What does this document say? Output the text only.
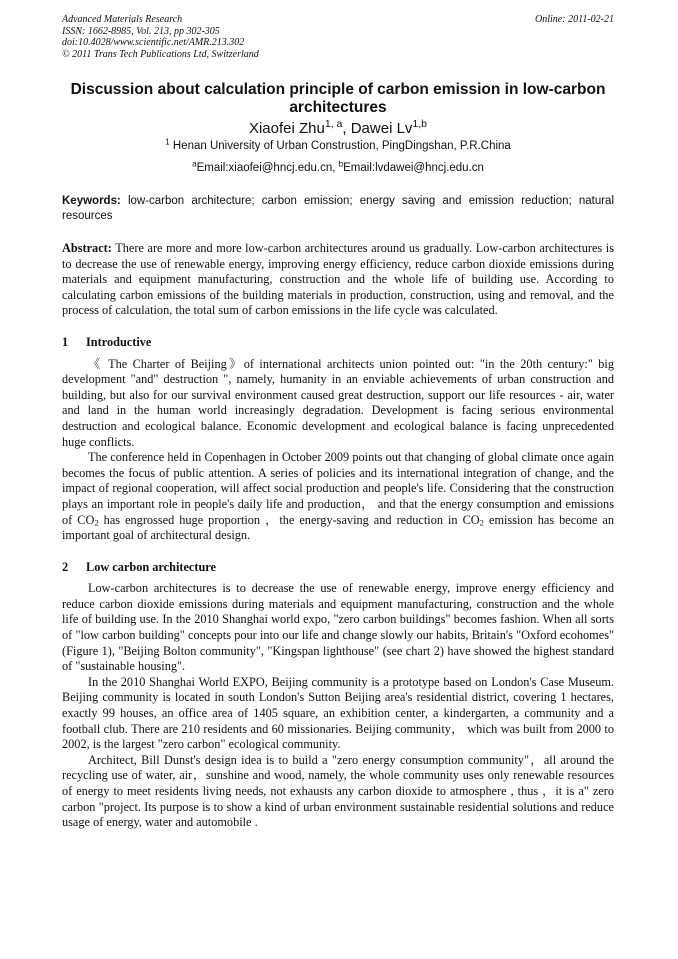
Advanced Materials Research
ISSN: 1662-8985, Vol. 213, pp 302-305
doi:10.4028/www.scientific.net/AMR.213.302
© 2011 Trans Tech Publications Ltd, Switzerland
Online: 2011-02-21
Discussion about calculation principle of carbon emission in low-carbon architectures
Xiaofei Zhu$^{1, a}$, Dawei Lv$^{1,b}$
$^1$ Henan University of Urban Construstion, PingDingshan, P.R.China
$^a$Email:xiaofei@hncj.edu.cn, $^b$Email:lvdawei@hncj.edu.cn
Keywords: low-carbon architecture; carbon emission; energy saving and emission reduction; natural resources
Abstract: There are more and more low-carbon architectures around us gradually. Low-carbon architectures is to decrease the use of renewable energy, improving energy efficiency, reduce carbon dioxide emissions during materials and equipment manufacturing, construction and the whole life of building use. According to calculating carbon emissions of the building materials in production, construction, using and removal, and the process of calculation, the total sum of carbon emissions in the life cycle was calculated.
1 Introductive

《 The Charter of Beijing》of international architects union pointed out: "in the 20th century:" big development "and" destruction ", namely, humanity in an enviable achievements of urban construction and building, but also for our survival environment caused great destruction, support our life resources - air, water and land in the human world increasingly degradation. Development is facing serious environmental destruction and ecological balance. Economic development and ecological balance is facing unprecedented huge conflicts.

The conference held in Copenhagen in October 2009 points out that changing of global climate once again becomes the focus of public attention. A series of policies and its international integration of change, and the impact of regional cooperation, will affect social production and people's life. Considering that the construction plays an important role in people's daily life and production， and that the energy consumption and emissions of $CO_2$ has engrossed huge proportion ，the energy-saving and reduction in $CO_2$ emission has become an important goal of architectural design.

2 Low carbon architecture

Low-carbon architectures is to decrease the use of renewable energy, improve energy efficiency and reduce carbon dioxide emissions during materials and equipment manufacturing, construction and the whole life of building use. In the 2010 Shanghai world expo, "zero carbon buildings" becomes fashion. When all sorts of "low carbon building" concepts pour into our life and change slowly our habits, Britain's "Oxford ecohomes" (Figure 1), "Beijing Bolton community", "Kingspan lighthouse" (see chart 2) have showed the highest standard of "sustainable housing".

In the 2010 Shanghai World EXPO, Beijing community is a prototype based on London's Case Museum. Beijing community is located in south London's Sutton Beijing area's residential district, covering 1 hectares, exactly 99 houses, an office area of 1405 square, an exhibition center, a kindergarten, a community and a football club. There are 210 residents and 60 missionaries. Beijing community， which was built from 2000 to 2002, is the largest "zero carbon" ecological community.

Architect, Bill Dunst's design idea is to build a "zero energy consumption community"，all around the recycling use of water, air，sunshine and wood, namely, the whole community uses only renewable resources of energy to meet residents living needs, not exhausts any carbon dioxide to atmosphere , thus ，it is a" zero carbon "project. Its purpose is to show a kind of urban environment sustainable residential solutions and reduce usage of energy, water and automobile .
